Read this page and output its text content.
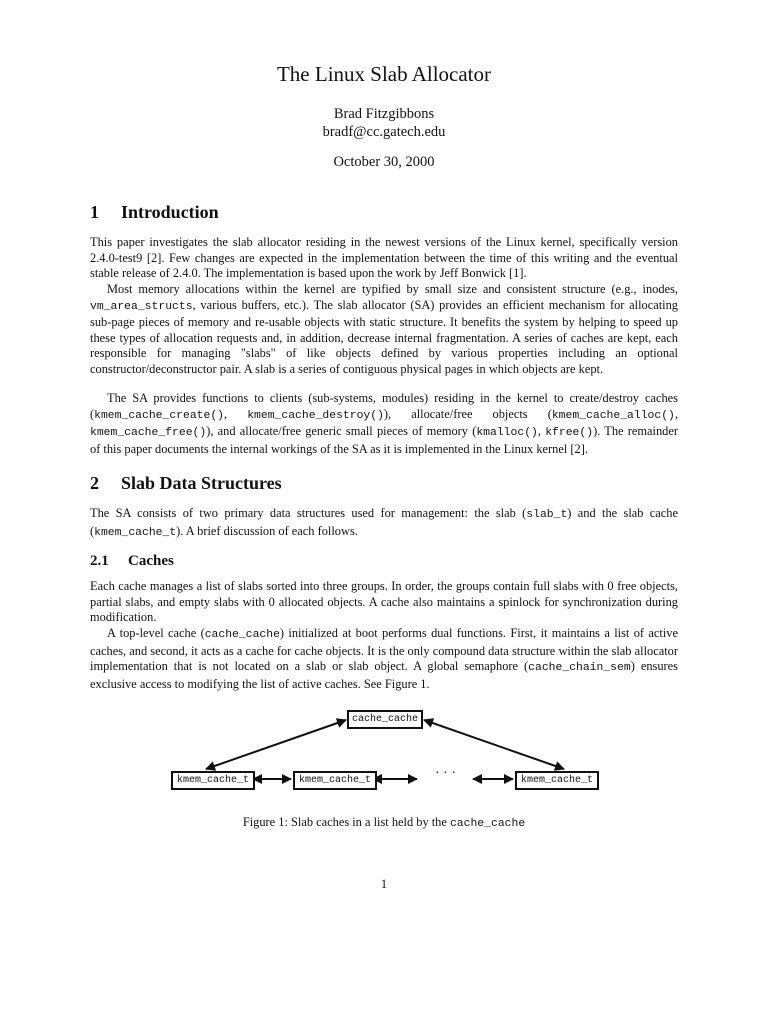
The Linux Slab Allocator
Brad Fitzgibbons
bradf@cc.gatech.edu
October 30, 2000
1 Introduction
This paper investigates the slab allocator residing in the newest versions of the Linux kernel, specifically version 2.4.0-test9 [2]. Few changes are expected in the implementation between the time of this writing and the eventual stable release of 2.4.0. The implementation is based upon the work by Jeff Bonwick [1].
Most memory allocations within the kernel are typified by small size and consistent structure (e.g., inodes, vm_area_structs, various buffers, etc.). The slab allocator (SA) provides an efficient mechanism for allocating sub-page pieces of memory and re-usable objects with static structure. It benefits the system by helping to speed up these types of allocation requests and, in addition, decrease internal fragmentation. A series of caches are kept, each responsible for managing "slabs" of like objects defined by various properties including an optional constructor/deconstructor pair. A slab is a series of contiguous physical pages in which objects are kept.
The SA provides functions to clients (sub-systems, modules) residing in the kernel to create/destroy caches (kmem_cache_create(), kmem_cache_destroy()), allocate/free objects (kmem_cache_alloc(), kmem_cache_free()), and allocate/free generic small pieces of memory (kmalloc(), kfree()). The remainder of this paper documents the internal workings of the SA as it is implemented in the Linux kernel [2].
2 Slab Data Structures
The SA consists of two primary data structures used for management: the slab (slab_t) and the slab cache (kmem_cache_t). A brief discussion of each follows.
2.1 Caches
Each cache manages a list of slabs sorted into three groups. In order, the groups contain full slabs with 0 free objects, partial slabs, and empty slabs with 0 allocated objects. A cache also maintains a spinlock for synchronization during modification.
A top-level cache (cache_cache) initialized at boot performs dual functions. First, it maintains a list of active caches, and second, it acts as a cache for cache objects. It is the only compound data structure within the slab allocator implementation that is not located on a slab or slab object. A global semaphore (cache_chain_sem) ensures exclusive access to modifying the list of active caches. See Figure 1.
cache_cache
kmem_cache_t	kmem_cache_t	· · ·	kmem_cache_t
Figure 1: Slab caches in a list held by the cache_cache
1
